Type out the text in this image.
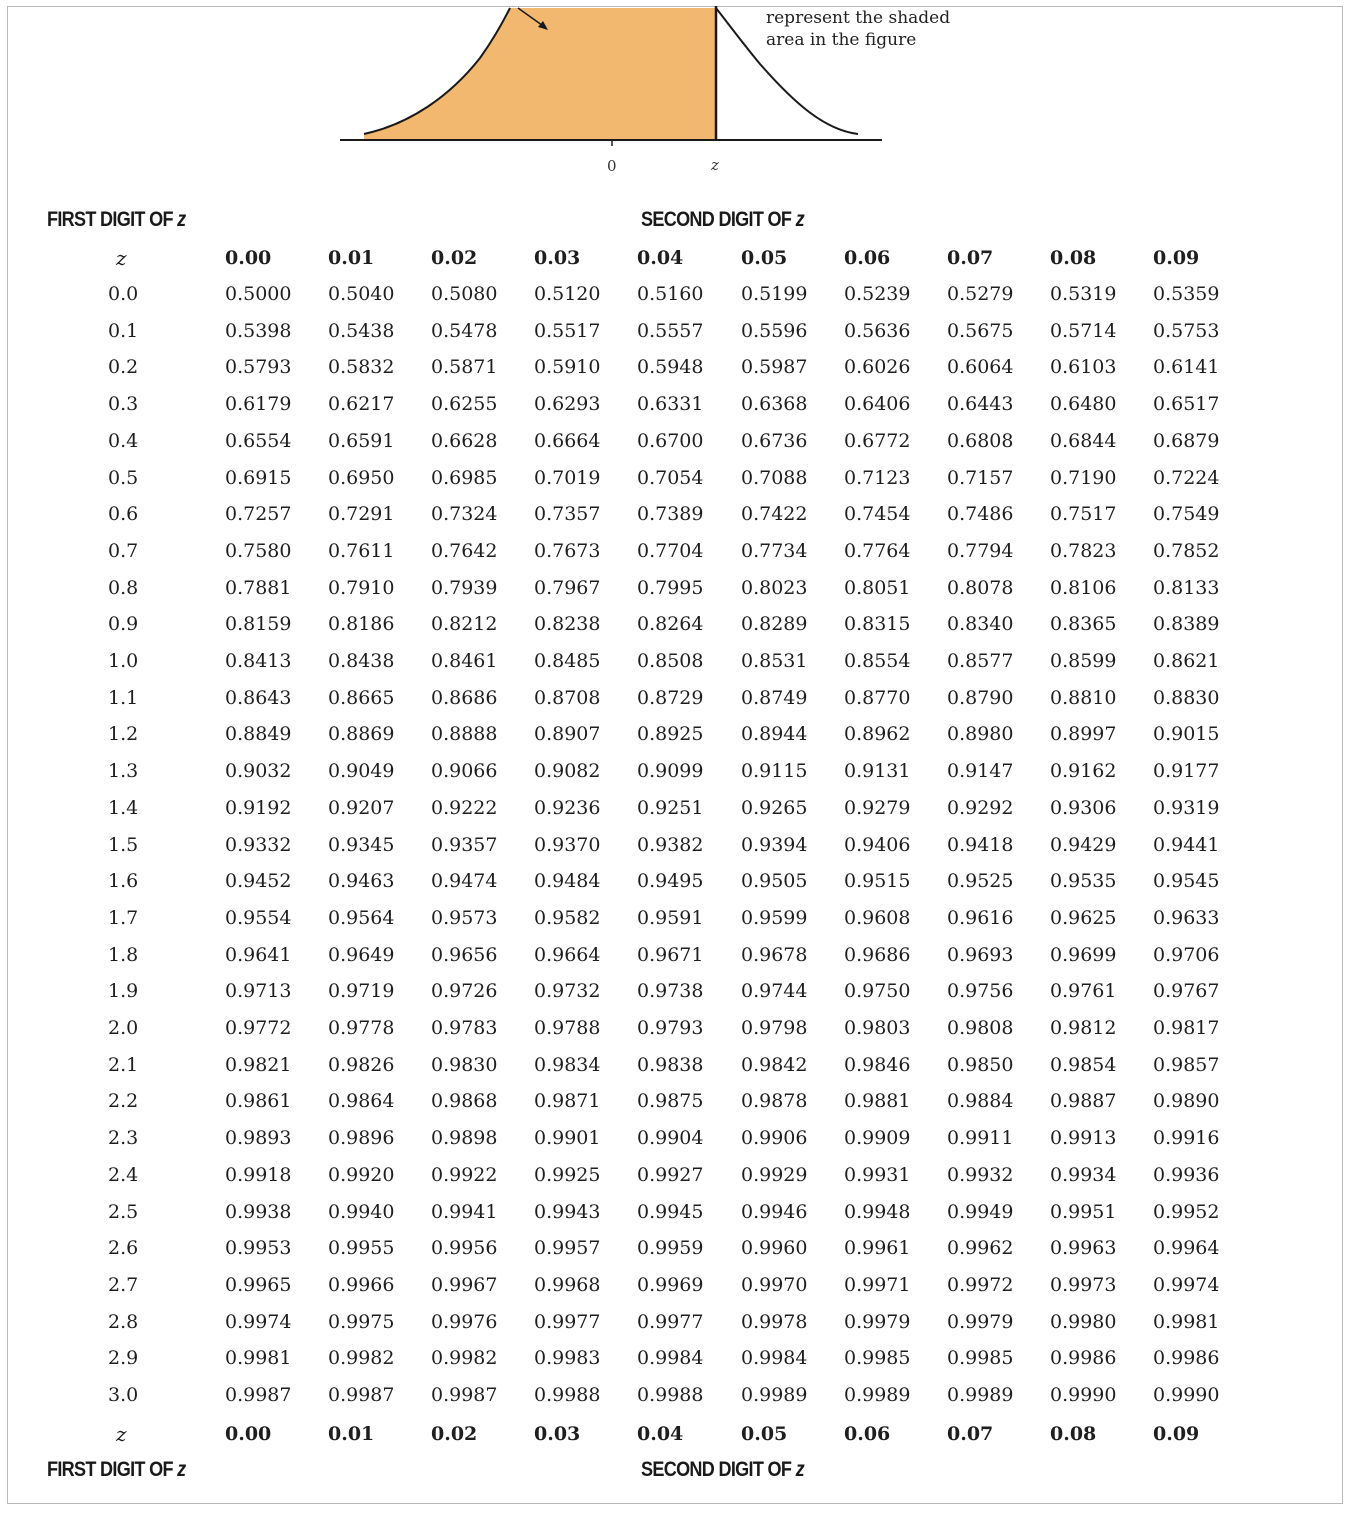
0	z
represent the shaded area in the figure
FIRST DIGIT OF z	SECOND DIGIT OF z
z	0.00	0.01	0.02	0.03	0.04	0.05	0.06	0.07	0.08	0.09
0.0	0.5000 0.5040 0.5080 0.5120 0.5160 0.5199 0.5239 0.5279 0.5319 0.5359
0.1	0.5398 0.5438 0.5478 0.5517 0.5557 0.5596 0.5636 0.5675 0.5714 0.5753
0.2	0.5793 0.5832 0.5871 0.5910 0.5948 0.5987 0.6026 0.6064 0.6103 0.6141
0.3	0.6179 0.6217 0.6255 0.6293 0.6331 0.6368 0.6406 0.6443 0.6480 0.6517
0.4	0.6554 0.6591 0.6628 0.6664 0.6700 0.6736 0.6772 0.6808 0.6844 0.6879
0.5	0.6915 0.6950 0.6985 0.7019 0.7054 0.7088 0.7123 0.7157 0.7190 0.7224
0.6	0.7257 0.7291 0.7324 0.7357 0.7389 0.7422 0.7454 0.7486 0.7517 0.7549
0.7	0.7580 0.7611 0.7642 0.7673 0.7704 0.7734 0.7764 0.7794 0.7823 0.7852
0.8	0.7881 0.7910 0.7939 0.7967 0.7995 0.8023 0.8051 0.8078 0.8106 0.8133
0.9	0.8159 0.8186 0.8212 0.8238 0.8264 0.8289 0.8315 0.8340 0.8365 0.8389
1.0	0.8413 0.8438 0.8461 0.8485 0.8508 0.8531 0.8554 0.8577 0.8599 0.8621
1.1	0.8643 0.8665 0.8686 0.8708 0.8729 0.8749 0.8770 0.8790 0.8810 0.8830
1.2	0.8849 0.8869 0.8888 0.8907 0.8925 0.8944 0.8962 0.8980 0.8997 0.9015
1.3	0.9032 0.9049 0.9066 0.9082 0.9099 0.9115 0.9131 0.9147 0.9162 0.9177
1.4	0.9192 0.9207 0.9222 0.9236 0.9251 0.9265 0.9279 0.9292 0.9306 0.9319
1.5	0.9332 0.9345 0.9357 0.9370 0.9382 0.9394 0.9406 0.9418 0.9429 0.9441
1.6	0.9452 0.9463 0.9474 0.9484 0.9495 0.9505 0.9515 0.9525 0.9535 0.9545
1.7	0.9554 0.9564 0.9573 0.9582 0.9591 0.9599 0.9608 0.9616 0.9625 0.9633
1.8	0.9641 0.9649 0.9656 0.9664 0.9671 0.9678 0.9686 0.9693 0.9699 0.9706
1.9	0.9713 0.9719 0.9726 0.9732 0.9738 0.9744 0.9750 0.9756 0.9761 0.9767
2.0	0.9772 0.9778 0.9783 0.9788 0.9793 0.9798 0.9803 0.9808 0.9812 0.9817
2.1	0.9821 0.9826 0.9830 0.9834 0.9838 0.9842 0.9846 0.9850 0.9854 0.9857
2.2	0.9861 0.9864 0.9868 0.9871 0.9875 0.9878 0.9881 0.9884 0.9887 0.9890
2.3	0.9893 0.9896 0.9898 0.9901 0.9904 0.9906 0.9909 0.9911 0.9913 0.9916
2.4	0.9918 0.9920 0.9922 0.9925 0.9927 0.9929 0.9931 0.9932 0.9934 0.9936
2.5	0.9938 0.9940 0.9941 0.9943 0.9945 0.9946 0.9948 0.9949 0.9951 0.9952
2.6	0.9953 0.9955 0.9956 0.9957 0.9959 0.9960 0.9961 0.9962 0.9963 0.9964
2.7	0.9965 0.9966 0.9967 0.9968 0.9969 0.9970 0.9971 0.9972 0.9973 0.9974
2.8	0.9974 0.9975 0.9976 0.9977 0.9977 0.9978 0.9979 0.9979 0.9980 0.9981
2.9	0.9981 0.9982 0.9982 0.9983 0.9984 0.9984 0.9985 0.9985 0.9986 0.9986
3.0	0.9987 0.9987 0.9987 0.9988 0.9988 0.9989 0.9989 0.9989 0.9990 0.9990
z	0.00	0.01	0.02	0.03	0.04	0.05	0.06	0.07	0.08	0.09
FIRST DIGIT OF z	SECOND DIGIT OF z
